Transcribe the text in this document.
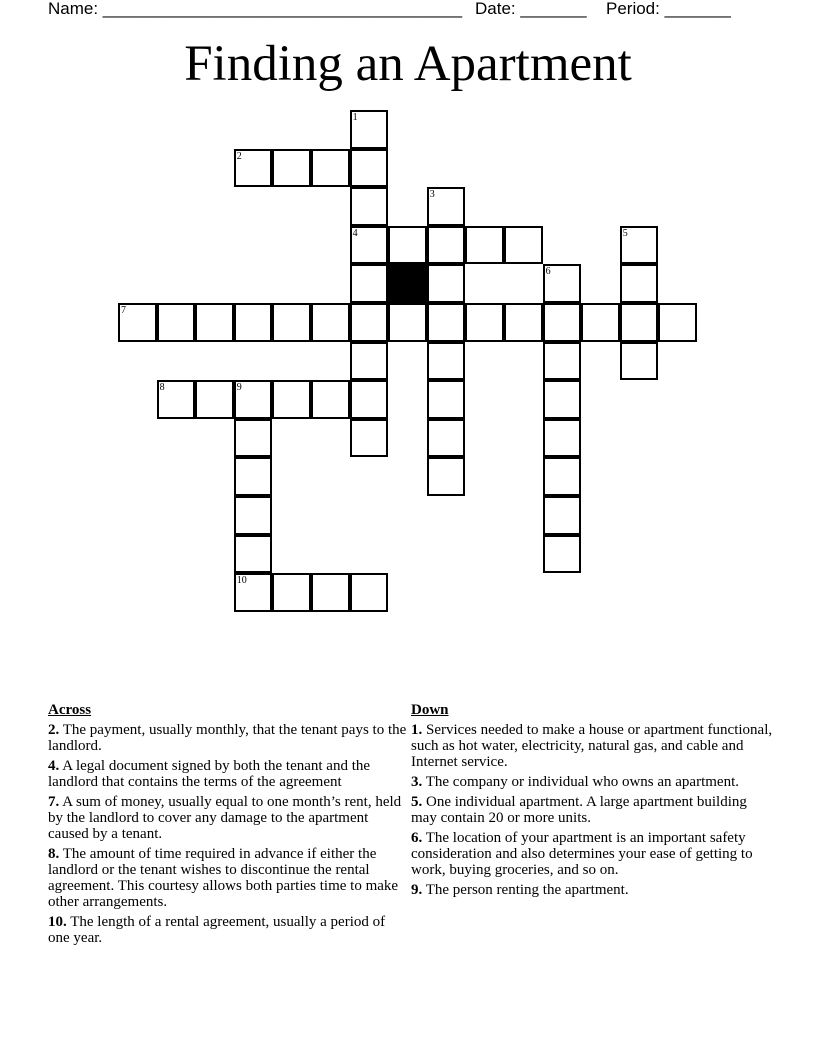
Name: ______________________________________ Date: _______ Period: _______
Finding an Apartment
1
2
3
4	5
6
7
8	9
10
Across
2. The payment, usually monthly, that the tenant pays to the landlord.
4. A legal document signed by both the tenant and the landlord that contains the terms of the agreement
7. A sum of money, usually equal to one month’s rent, held by the landlord to cover any damage to the apartment caused by a tenant.
8. The amount of time required in advance if either the landlord or the tenant wishes to discontinue the rental agreement. This courtesy allows both parties time to make other arrangements.
10. The length of a rental agreement, usually a period of one year.
Down
1. Services needed to make a house or apartment functional, such as hot water, electricity, natural gas, and cable and Internet service.
3. The company or individual who owns an apartment.
5. One individual apartment. A large apartment building may contain 20 or more units.
6. The location of your apartment is an important safety consideration and also determines your ease of getting to work, buying groceries, and so on.
9. The person renting the apartment.
